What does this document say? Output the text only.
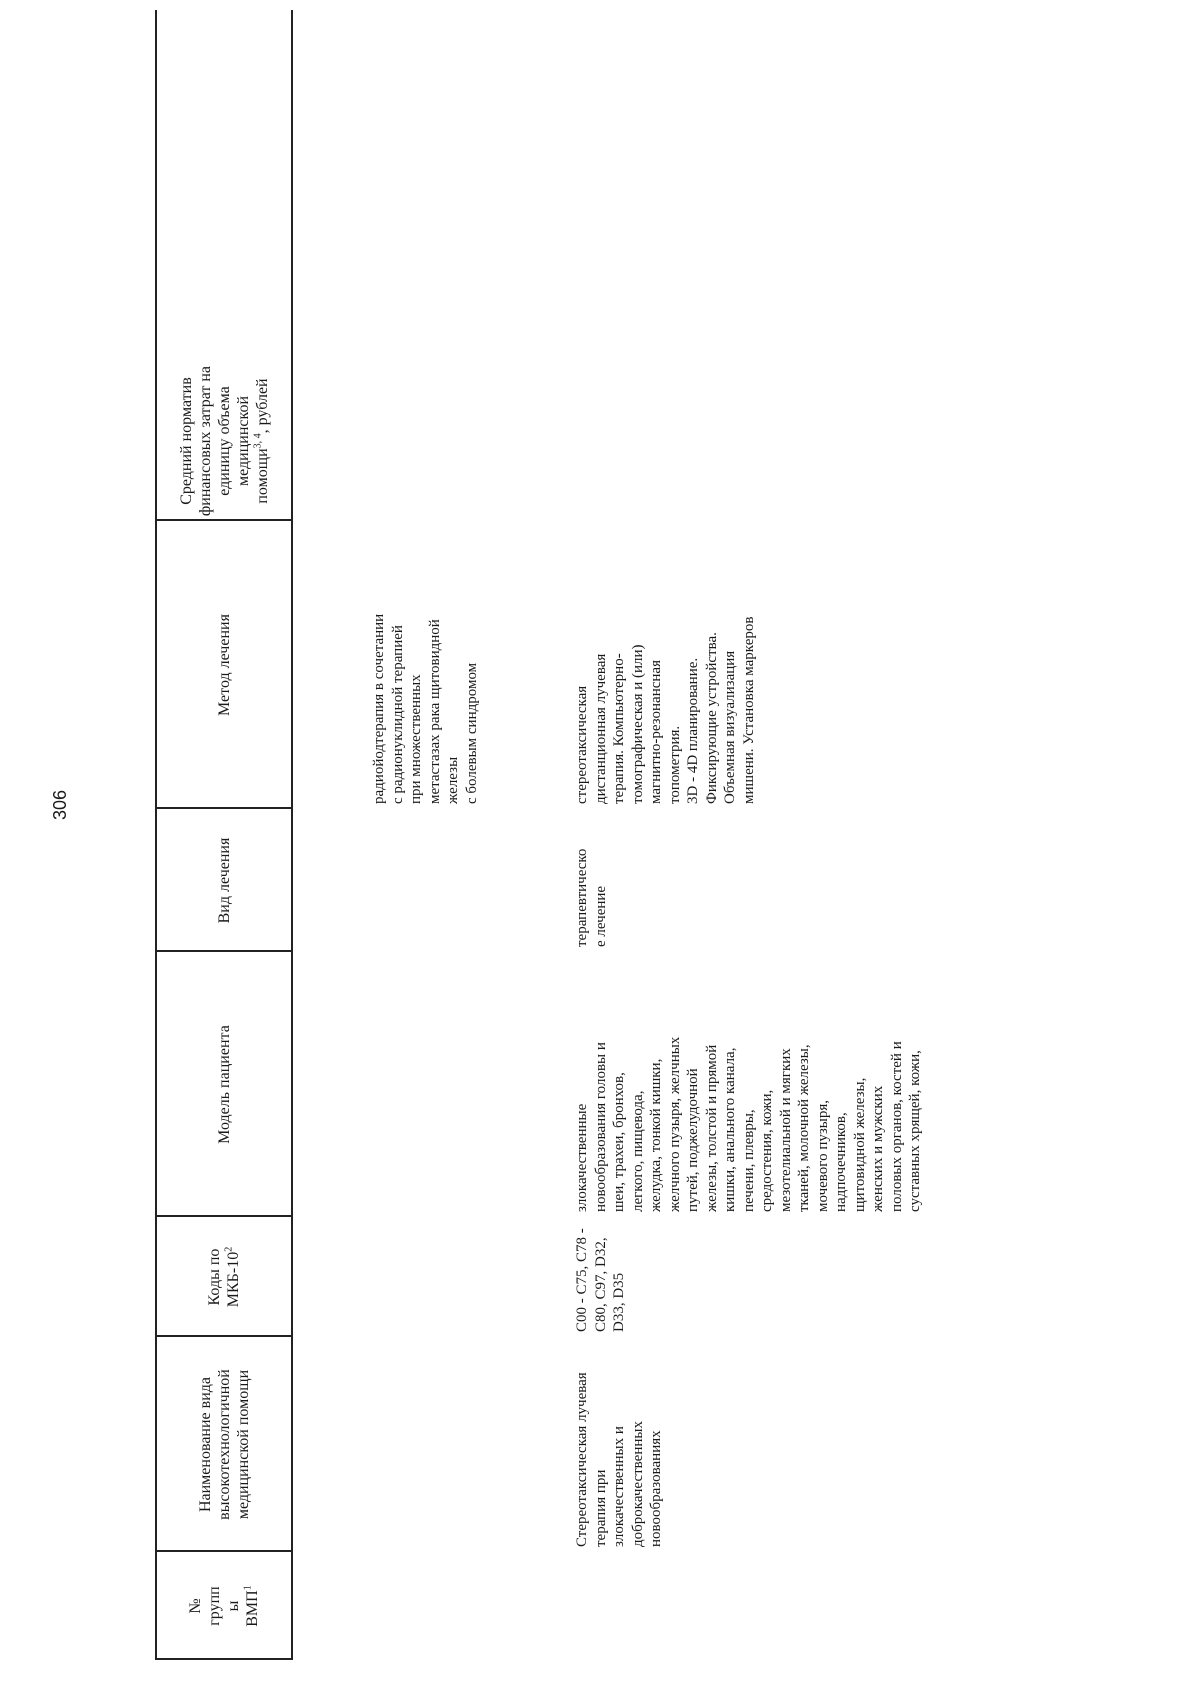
306
№ групп ы ВМП$^1$
Наименование вида высокотехнологичной медицинской помощи
Коды по МКБ-$10^2$
Модель пациента
Вид лечения
Метод лечения
Средний норматив финансовых затрат на единицу объема медицинской помощи$^{3, 4}$, рублей
радиойодтерапия в сочетании
с радионуклидной терапией
при множественных
метастазах рака щитовидной
железы
с болевым синдромом
Стереотаксическая лучевая
терапия при
злокачественных и
доброкачественных
новообразованиях
C00 - C75, C78 -
C80, C97, D32,
D33, D35
злокачественные
новообразования головы и
шеи, трахеи, бронхов,
легкого, пищевода,
желудка, тонкой кишки,
желчного пузыря, желчных
путей, поджелудочной
железы, толстой и прямой
кишки, анального канала,
печени, плевры,
средостения, кожи,
мезотелиальной и мягких
тканей, молочной железы,
мочевого пузыря,
надпочечников,
щитовидной железы,
женских и мужских
половых органов, костей и
суставных хрящей, кожи,
терапевтическо
е лечение
стереотаксическая
дистанционная лучевая
терапия. Компьютерно-
томографическая и (или)
магнитно-резонансная
топометрия.
3D - 4D планирование.
Фиксирующие устройства.
Объемная визуализация
мишени. Установка маркеров
